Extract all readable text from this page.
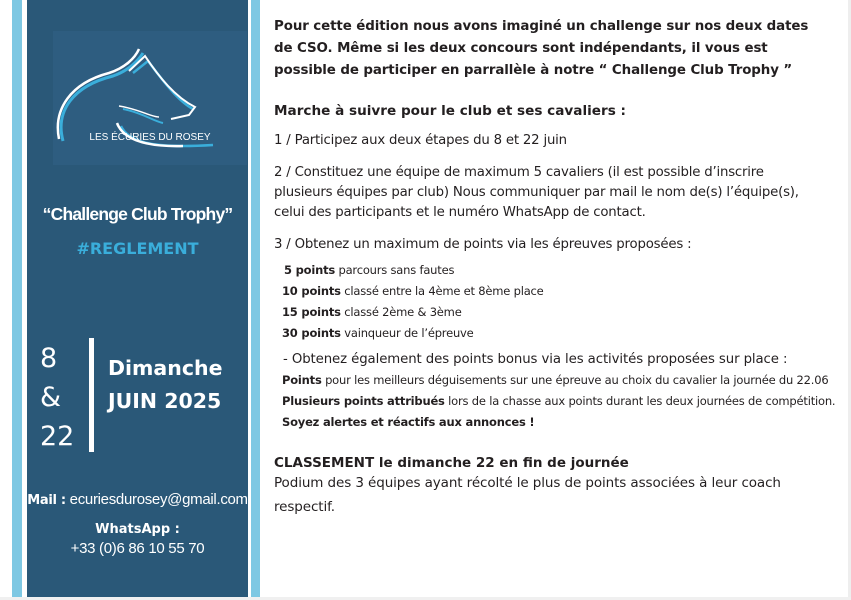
LES ÉCURIES DU ROSEY
“Challenge Club Trophy”
#REGLEMENT
8
&
22
Dimanche
JUIN 2025
Mail : ecuriesdurosey@gmail.com
WhatsApp :
+33 (0)6 86 10 55 70
Pour cette édition nous avons imaginé un challenge sur nos deux dates
de CSO. Même si les deux concours sont indépendants, il vous est
possible de participer en parrallèle à notre “ Challenge Club Trophy ”
Marche à suivre pour le club et ses cavaliers :
1 / Participez aux deux étapes du 8 et 22 juin
2 / Constituez une équipe de maximum 5 cavaliers (il est possible d’inscrire
plusieurs équipes par club) Nous communiquer par mail le nom de(s) l’équipe(s),
celui des participants et le numéro WhatsApp de contact.
3 / Obtenez un maximum de points via les épreuves proposées :
5 points parcours sans fautes
10 points classé entre la 4ème et 8ème place
15 points classé 2ème & 3ème
30 points vainqueur de l’épreuve
- Obtenez également des points bonus via les activités proposées sur place :
Points pour les meilleurs déguisements sur une épreuve au choix du cavalier la journée du 22.06
Plusieurs points attribués lors de la chasse aux points durant les deux journées de compétition.
Soyez alertes et réactifs aux annonces !
CLASSEMENT le dimanche 22 en fin de journée
Podium des 3 équipes ayant récolté le plus de points associées à leur coach respectif.
